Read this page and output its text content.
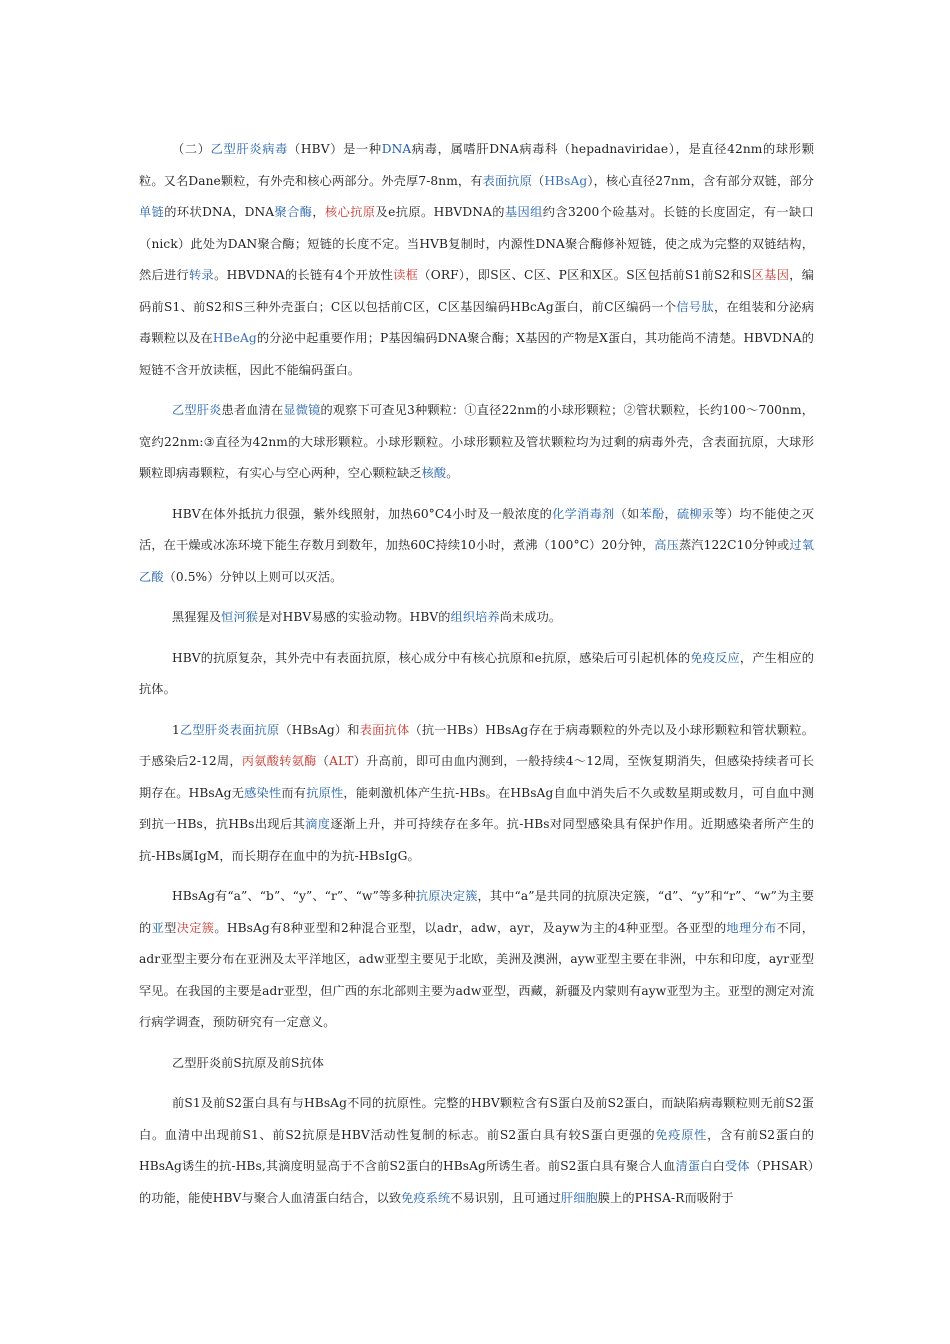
（二）乙型肝炎病毒（HBV）是一种DNA病毒，属嗜肝DNA病毒科（hepadnaviridae），是直径42nm的球形颗粒。又名Dane颗粒，有外壳和核心两部分。外壳厚7-8nm，有表面抗原（HBsAg），核心直径27nm，含有部分双链，部分单链的环状DNA，DNA聚合酶，核心抗原及e抗原。HBVDNA的基因组约含3200个硷基对。长链的长度固定，有一缺口（nick）此处为DAN聚合酶；短链的长度不定。当HVB复制时，内源性DNA聚合酶修补短链，使之成为完整的双链结构，然后进行转录。HBVDNA的长链有4个开放性读框（ORF），即S区、C区、P区和X区。S区包括前S1前S2和S区基因，编码前S1、前S2和S三种外壳蛋白；C区以包括前C区，C区基因编码HBcAg蛋白，前C区编码一个信号肽，在组装和分泌病毒颗粒以及在HBeAg的分泌中起重要作用；P基因编码DNA聚合酶；X基因的产物是X蛋白，其功能尚不清楚。HBVDNA的短链不含开放读框，因此不能编码蛋白。

乙型肝炎患者血清在显微镜的观察下可查见3种颗粒：①直径22nm的小球形颗粒；②管状颗粒，长约100～700nm，宽约22nm:③直径为42nm的大球形颗粒。小球形颗粒。小球形颗粒及管状颗粒均为过剩的病毒外壳，含表面抗原，大球形颗粒即病毒颗粒，有实心与空心两种，空心颗粒缺乏核酸。

HBV在体外抵抗力很强，紫外线照射，加热60°C4小时及一般浓度的化学消毒剂（如苯酚，硫柳汞等）均不能使之灭活，在干燥或冰冻环境下能生存数月到数年，加热60C持续10小时，煮沸（100°C）20分钟，高压蒸汽122C10分钟或过氧乙酸（0.5%）分钟以上则可以灭活。

黑猩猩及恒河猴是对HBV易感的实验动物。HBV的组织培养尚未成功。

HBV的抗原复杂，其外壳中有表面抗原，核心成分中有核心抗原和e抗原，感染后可引起机体的免疫反应，产生相应的抗体。

1乙型肝炎表面抗原（HBsAg）和表面抗体（抗一HBs）HBsAg存在于病毒颗粒的外壳以及小球形颗粒和管状颗粒。于感染后2-12周，丙氨酸转氨酶（ALT）升高前，即可由血内测到，一般持续4～12周，至恢复期消失，但感染持续者可长期存在。HBsAg无感染性而有抗原性，能刺激机体产生抗-HBs。在HBsAg自血中消失后不久或数星期或数月，可自血中测到抗一HBs，抗HBs出现后其滴度逐渐上升，并可持续存在多年。抗-HBs对同型感染具有保护作用。近期感染者所产生的抗-HBs属IgM，而长期存在血中的为抗-HBsIgG。

HBsAg有“a”、“b”、“y”、“r”、“w”等多种抗原决定簇，其中“a”是共同的抗原决定簇，“d”、“y”和“r”、“w”为主要的亚型决定簇。HBsAg有8种亚型和2种混合亚型，以adr，adw，ayr，及ayw为主的4种亚型。各亚型的地理分布不同，adr亚型主要分布在亚洲及太平洋地区，adw亚型主要见于北欧，美洲及澳洲，ayw亚型主要在非洲，中东和印度，ayr亚型罕见。在我国的主要是adr亚型，但广西的东北部则主要为adw亚型，西藏，新疆及内蒙则有ayw亚型为主。亚型的测定对流行病学调查，预防研究有一定意义。

乙型肝炎前S抗原及前S抗体

前S1及前S2蛋白具有与HBsAg不同的抗原性。完整的HBV颗粒含有S蛋白及前S2蛋白，而缺陷病毒颗粒则无前S2蛋白。血清中出现前S1、前S2抗原是HBV活动性复制的标志。前S2蛋白具有较S蛋白更强的免疫原性，含有前S2蛋白的HBsAg诱生的抗-HBs,其滴度明显高于不含前S2蛋白的HBsAg所诱生者。前S2蛋白具有聚合人血清蛋白白受体（PHSAR）的功能，能使HBV与聚合人血清蛋白结合，以致免疫系统不易识别，且可通过肝细胞膜上的PHSA-R而吸附于
